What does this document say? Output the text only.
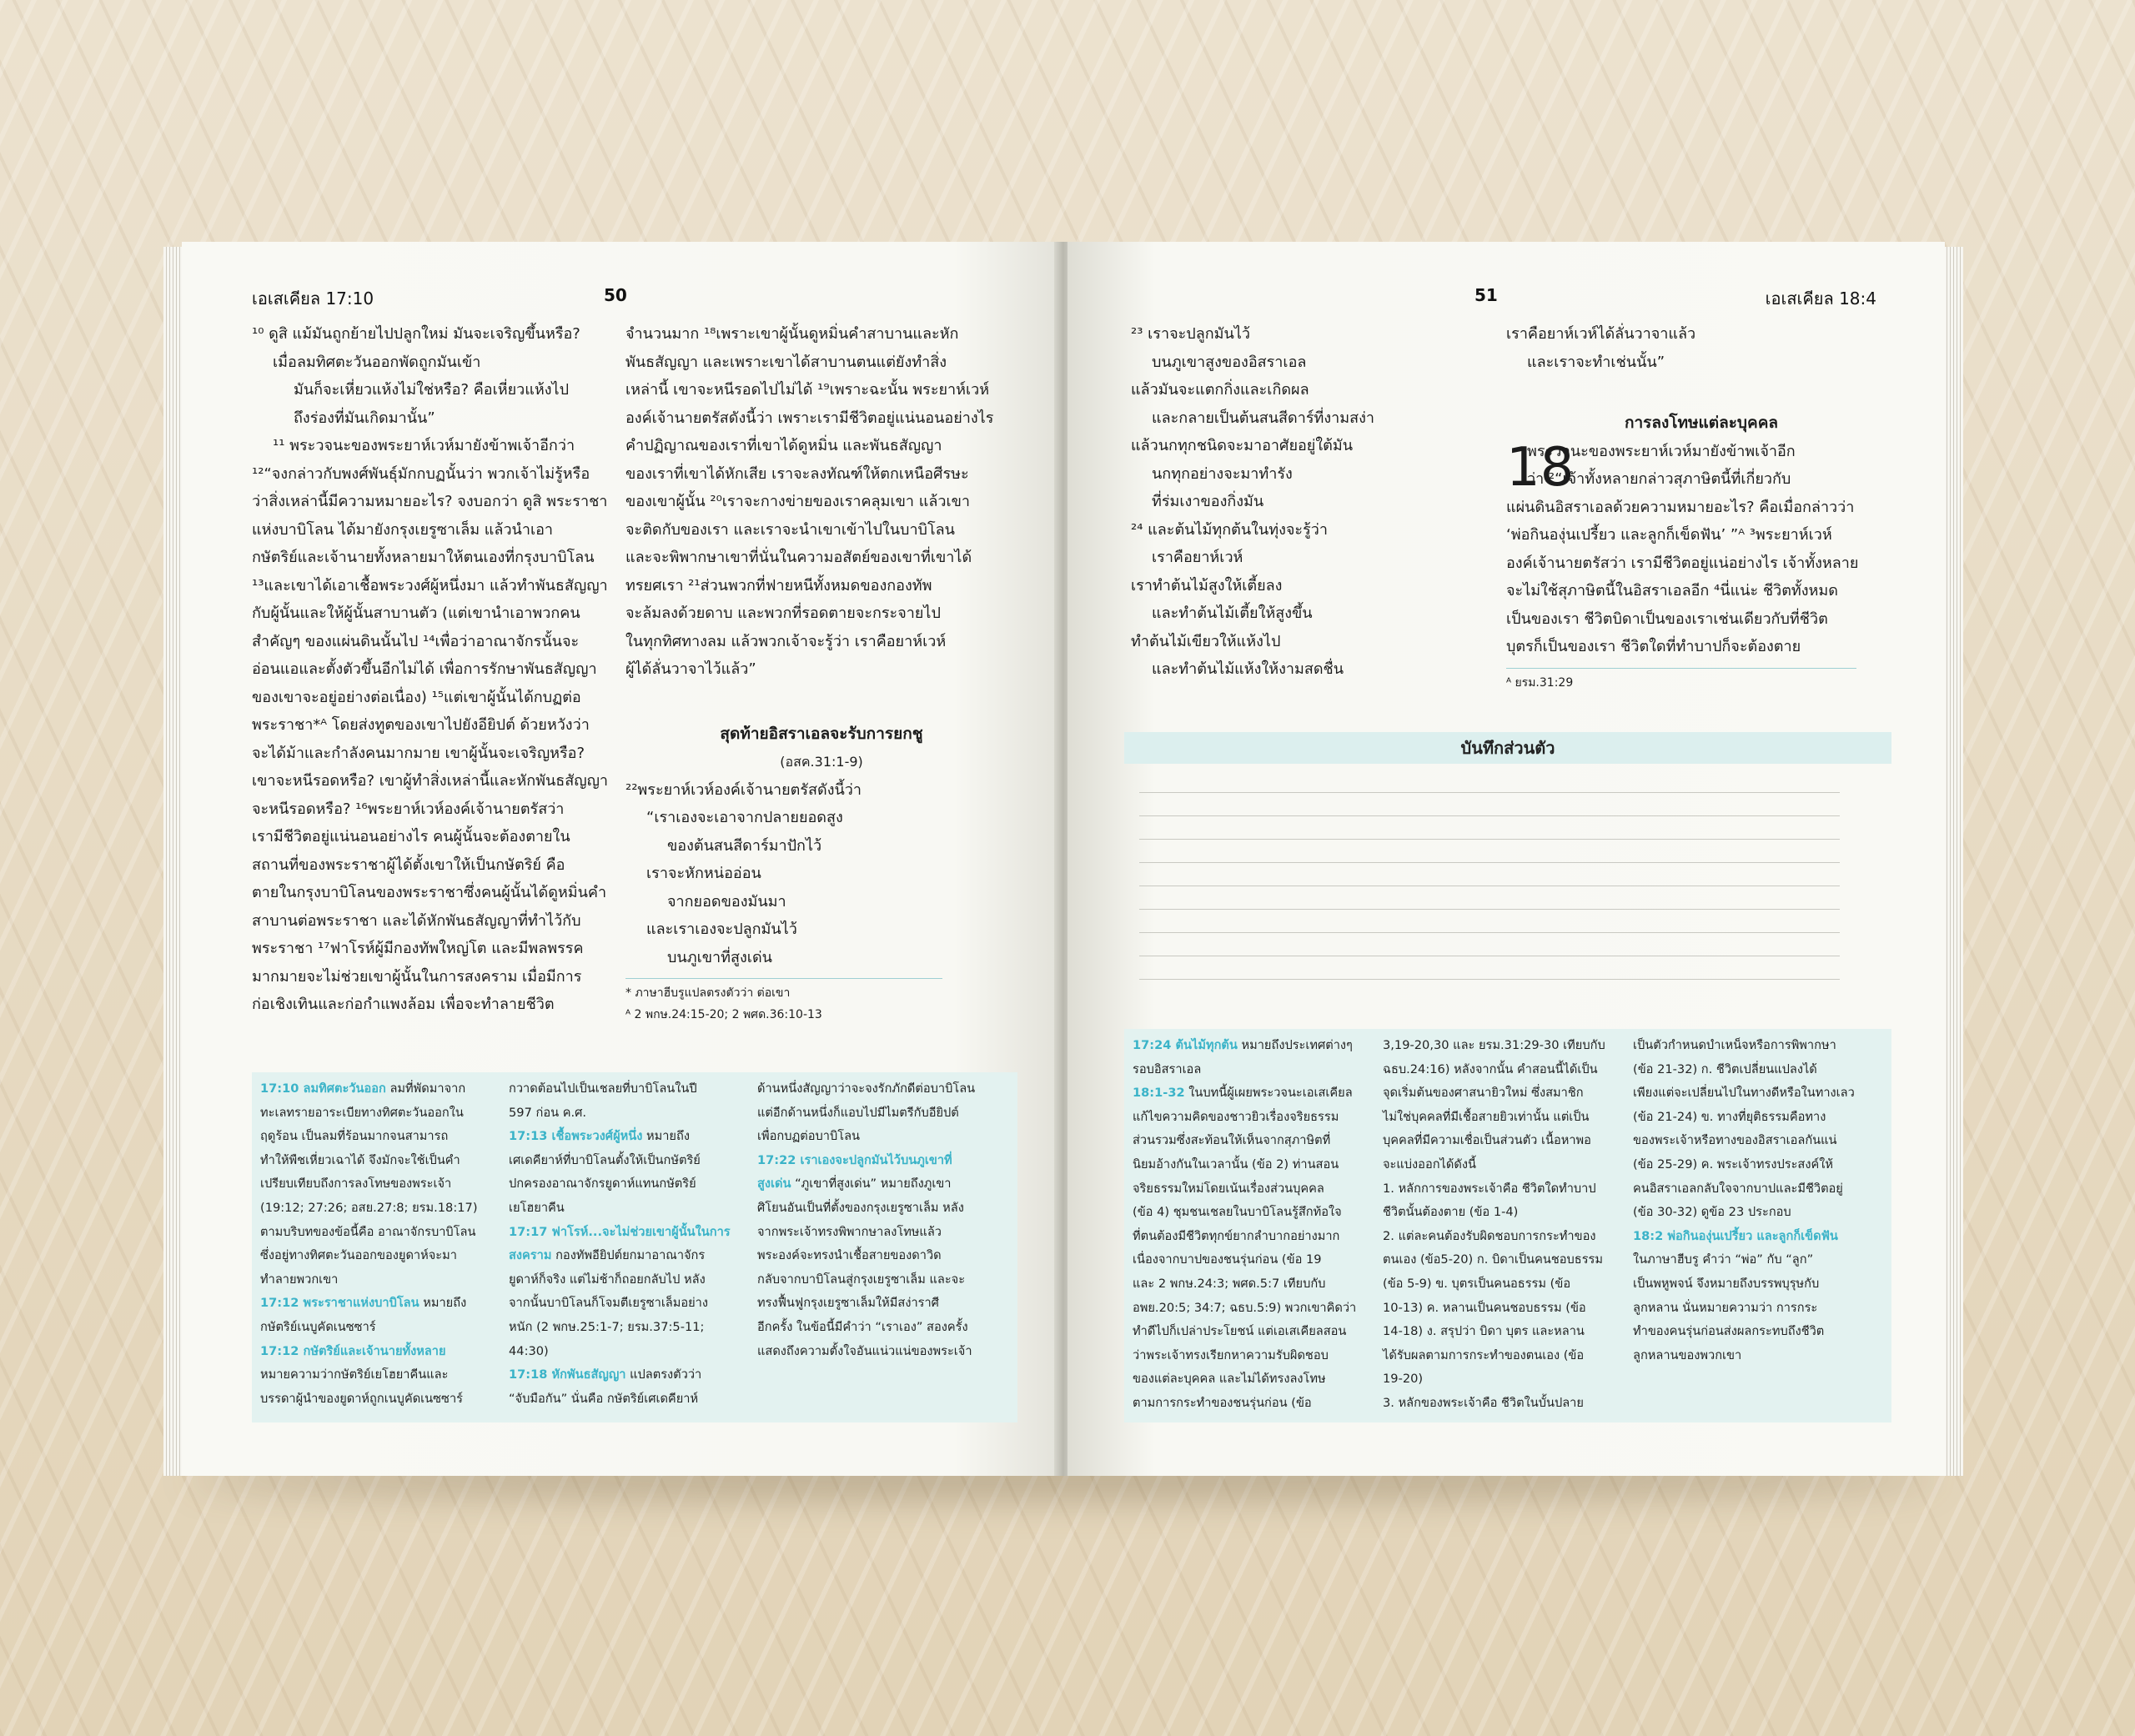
เอเสเคียล 17:10	50

¹⁰ ดูสิ แม้มันถูกย้ายไปปลูกใหม่ มันจะเจริญขึ้นหรือ?

เมื่อลมทิศตะวันออกพัดถูกมันเข้า

มันก็จะเหี่ยวแห้งไม่ใช่หรือ? คือเหี่ยวแห้งไป

ถึงร่องที่มันเกิดมานั้น”

¹¹ พระวจนะของพระยาห์เวห์มายังข้าพเจ้าอีกว่า

¹²“จงกล่าวกับพงศ์พันธุ์มักกบฏนั้นว่า พวกเจ้าไม่รู้หรือ

ว่าสิ่งเหล่านี้มีความหมายอะไร? จงบอกว่า ดูสิ พระราชา

แห่งบาบิโลน ได้มายังกรุงเยรูซาเล็ม แล้วนำเอา

กษัตริย์และเจ้านายทั้งหลายมาให้ตนเองที่กรุงบาบิโลน

¹³และเขาได้เอาเชื้อพระวงศ์ผู้หนึ่งมา แล้วทำพันธสัญญา

กับผู้นั้นและให้ผู้นั้นสาบานตัว (แต่เขานำเอาพวกคน

สำคัญๆ ของแผ่นดินนั้นไป ¹⁴เพื่อว่าอาณาจักรนั้นจะ

อ่อนแอและตั้งตัวขึ้นอีกไม่ได้ เพื่อการรักษาพันธสัญญา

ของเขาจะอยู่อย่างต่อเนื่อง) ¹⁵แต่เขาผู้นั้นได้กบฏต่อ

พระราชา*ᴬ โดยส่งทูตของเขาไปยังอียิปต์ ด้วยหวังว่า

จะได้ม้าและกำลังคนมากมาย เขาผู้นั้นจะเจริญหรือ?

เขาจะหนีรอดหรือ? เขาผู้ทำสิ่งเหล่านี้และหักพันธสัญญา

จะหนีรอดหรือ? ¹⁶พระยาห์เวห์องค์เจ้านายตรัสว่า

เรามีชีวิตอยู่แน่นอนอย่างไร คนผู้นั้นจะต้องตายใน

สถานที่ของพระราชาผู้ได้ตั้งเขาให้เป็นกษัตริย์ คือ

ตายในกรุงบาบิโลนของพระราชาซึ่งคนผู้นั้นได้ดูหมิ่นคำ

สาบานต่อพระราชา และได้หักพันธสัญญาที่ทำไว้กับ

พระราชา ¹⁷ฟาโรห์ผู้มีกองทัพใหญ่โต และมีพลพรรค

มากมายจะไม่ช่วยเขาผู้นั้นในการสงคราม เมื่อมีการ

ก่อเชิงเทินและก่อกำแพงล้อม เพื่อจะทำลายชีวิต

จำนวนมาก ¹⁸เพราะเขาผู้นั้นดูหมิ่นคำสาบานและหัก

พันธสัญญา และเพราะเขาได้สาบานตนแต่ยังทำสิ่ง

เหล่านี้ เขาจะหนีรอดไปไม่ได้ ¹⁹เพราะฉะนั้น พระยาห์เวห์

องค์เจ้านายตรัสดังนี้ว่า เพราะเรามีชีวิตอยู่แน่นอนอย่างไร

คำปฏิญาณของเราที่เขาได้ดูหมิ่น และพันธสัญญา

ของเราที่เขาได้หักเสีย เราจะลงทัณฑ์ให้ตกเหนือศีรษะ

ของเขาผู้นั้น ²⁰เราจะกางข่ายของเราคลุมเขา แล้วเขา

จะติดกับของเรา และเราจะนำเขาเข้าไปในบาบิโลน

และจะพิพากษาเขาที่นั่นในความอสัตย์ของเขาที่เขาได้

ทรยศเรา ²¹ส่วนพวกที่ฟายหนีทั้งหมดของกองทัพ

จะล้มลงด้วยดาบ และพวกที่รอดตายจะกระจายไป

ในทุกทิศทางลม แล้วพวกเจ้าจะรู้ว่า เราคือยาห์เวห์

ผู้ได้ลั่นวาจาไว้แล้ว”

สุดท้ายอิสราเอลจะรับการยกชู

(อสค.31:1-9)

²²พระยาห์เวห์องค์เจ้านายตรัสดังนี้ว่า

“เราเองจะเอาจากปลายยอดสูง

ของต้นสนสีดาร์มาปักไว้

เราจะหักหน่ออ่อน

จากยอดของมันมา

และเราเองจะปลูกมันไว้

บนภูเขาที่สูงเด่น

* ภาษาฮีบรูแปลตรงตัวว่า ต่อเขา

ᴬ 2 พกษ.24:15-20; 2 พศด.36:10-13

17:10 ลมทิศตะวันออก ลมที่พัดมาจาก

ทะเลทรายอาระเบียทางทิศตะวันออกใน

ฤดูร้อน เป็นลมที่ร้อนมากจนสามารถ

ทำให้พืชเหี่ยวเฉาได้ จึงมักจะใช้เป็นคำ

เปรียบเทียบถึงการลงโทษของพระเจ้า

(19:12; 27:26; อสย.27:8; ยรม.18:17)

ตามบริบทของข้อนี้คือ อาณาจักรบาบิโลน

ซึ่งอยู่ทางทิศตะวันออกของยูดาห์จะมา

ทำลายพวกเขา

17:12 พระราชาแห่งบาบิโลน หมายถึง

กษัตริย์เนบูคัดเนซซาร์

17:12 กษัตริย์และเจ้านายทั้งหลาย

หมายความว่ากษัตริย์เยโฮยาคีนและ

บรรดาผู้นำของยูดาห์ถูกเนบูคัดเนซซาร์

กวาดต้อนไปเป็นเชลยที่บาบิโลนในปี

597 ก่อน ค.ศ.

17:13 เชื้อพระวงศ์ผู้หนึ่ง หมายถึง

เศเดคียาห์ที่บาบิโลนตั้งให้เป็นกษัตริย์

ปกครองอาณาจักรยูดาห์แทนกษัตริย์

เยโฮยาคีน

17:17 ฟาโรห์...จะไม่ช่วยเขาผู้นั้นในการ

สงคราม กองทัพอียิปต์ยกมาอาณาจักร

ยูดาห์ก็จริง แต่ไม่ช้าก็ถอยกลับไป หลัง

จากนั้นบาบิโลนก็โจมตีเยรูซาเล็มอย่าง

หนัก (2 พกษ.25:1-7; ยรม.37:5-11;

44:30)

17:18 หักพันธสัญญา แปลตรงตัวว่า

“จับมือกัน” นั่นคือ กษัตริย์เศเดคียาห์

ด้านหนึ่งสัญญาว่าจะจงรักภักดีต่อบาบิโลน

แต่อีกด้านหนึ่งก็แอบไปมีไมตรีกับอียิปต์

เพื่อกบฏต่อบาบิโลน

17:22 เราเองจะปลูกมันไว้บนภูเขาที่

สูงเด่น “ภูเขาที่สูงเด่น” หมายถึงภูเขา

ศิโยนอันเป็นที่ตั้งของกรุงเยรูซาเล็ม หลัง

จากพระเจ้าทรงพิพากษาลงโทษแล้ว

พระองค์จะทรงนำเชื้อสายของดาวิด

กลับจากบาบิโลนสู่กรุงเยรูซาเล็ม และจะ

ทรงฟื้นฟูกรุงเยรูซาเล็มให้มีสง่าราศี

อีกครั้ง ในข้อนี้มีคำว่า “เราเอง” สองครั้ง

แสดงถึงความตั้งใจอันแน่วแน่ของพระเจ้า

51	เอเสเคียล 18:4

²³ เราจะปลูกมันไว้

บนภูเขาสูงของอิสราเอล

แล้วมันจะแตกกิ่งและเกิดผล

และกลายเป็นต้นสนสีดาร์ที่งามสง่า

แล้วนกทุกชนิดจะมาอาศัยอยู่ใต้มัน

นกทุกอย่างจะมาทำรัง

ที่ร่มเงาของกิ่งมัน

²⁴ และต้นไม้ทุกต้นในทุ่งจะรู้ว่า

เราคือยาห์เวห์

เราทำต้นไม้สูงให้เตี้ยลง

และทำต้นไม้เตี้ยให้สูงขึ้น

ทำต้นไม้เขียวให้แห้งไป

และทำต้นไม้แห้งให้งามสดชื่น

เราคือยาห์เวห์ได้ลั่นวาจาแล้ว

และเราจะทำเช่นนั้น”

การลงโทษแต่ละบุคคล

18

พระวจนะของพระยาห์เวห์มายังข้าพเจ้าอีก

ว่า ²“เจ้าทั้งหลายกล่าวสุภาษิตนี้ที่เกี่ยวกับ

แผ่นดินอิสราเอลด้วยความหมายอะไร? คือเมื่อกล่าวว่า

‘พ่อกินองุ่นเปรี้ยว และลูกก็เข็ดฟัน’ ”ᴬ ³พระยาห์เวห์

องค์เจ้านายตรัสว่า เรามีชีวิตอยู่แน่อย่างไร เจ้าทั้งหลาย

จะไม่ใช้สุภาษิตนี้ในอิสราเอลอีก ⁴นี่แน่ะ ชีวิตทั้งหมด

เป็นของเรา ชีวิตบิดาเป็นของเราเช่นเดียวกับที่ชีวิต

บุตรก็เป็นของเรา ชีวิตใดที่ทำบาปก็จะต้องตาย

ᴬ ยรม.31:29

บันทึกส่วนตัว

17:24 ต้นไม้ทุกต้น หมายถึงประเทศต่างๆ

รอบอิสราเอล

18:1-32 ในบทนี้ผู้เผยพระวจนะเอเสเคียล

แก้ไขความคิดของชาวยิวเรื่องจริยธรรม

ส่วนรวมซึ่งสะท้อนให้เห็นจากสุภาษิตที่

นิยมอ้างกันในเวลานั้น (ข้อ 2) ท่านสอน

จริยธรรมใหม่โดยเน้นเรื่องส่วนบุคคล

(ข้อ 4) ชุมชนเชลยในบาบิโลนรู้สึกท้อใจ

ที่ตนต้องมีชีวิตทุกข์ยากลำบากอย่างมาก

เนื่องจากบาปของชนรุ่นก่อน (ข้อ 19

และ 2 พกษ.24:3; พศด.5:7 เทียบกับ

อพย.20:5; 34:7; ฉธบ.5:9) พวกเขาคิดว่า

ทำดีไปก็เปล่าประโยชน์ แต่เอเสเคียลสอน

ว่าพระเจ้าทรงเรียกหาความรับผิดชอบ

ของแต่ละบุคคล และไม่ได้ทรงลงโทษ

ตามการกระทำของชนรุ่นก่อน (ข้อ

3,19-20,30 และ ยรม.31:29-30 เทียบกับ

ฉธบ.24:16) หลังจากนั้น คำสอนนี้ได้เป็น

จุดเริ่มต้นของศาสนายิวใหม่ ซึ่งสมาชิก

ไม่ใช่บุคคลที่มีเชื้อสายยิวเท่านั้น แต่เป็น

บุคคลที่มีความเชื่อเป็นส่วนตัว เนื้อหาพอ

จะแบ่งออกได้ดังนี้

1. หลักการของพระเจ้าคือ ชีวิตใดทำบาป

ชีวิตนั้นต้องตาย (ข้อ 1-4)

2. แต่ละคนต้องรับผิดชอบการกระทำของ

ตนเอง (ข้อ5-20) ก. บิดาเป็นคนชอบธรรม

(ข้อ 5-9) ข. บุตรเป็นคนอธรรม (ข้อ

10-13) ค. หลานเป็นคนชอบธรรม (ข้อ

14-18) ง. สรุปว่า บิดา บุตร และหลาน

ได้รับผลตามการกระทำของตนเอง (ข้อ

19-20)

3. หลักของพระเจ้าคือ ชีวิตในบั้นปลาย

เป็นตัวกำหนดบำเหน็จหรือการพิพากษา

(ข้อ 21-32) ก. ชีวิตเปลี่ยนแปลงได้

เพียงแต่จะเปลี่ยนไปในทางดีหรือในทางเลว

(ข้อ 21-24) ข. ทางที่ยุติธรรมคือทาง

ของพระเจ้าหรือทางของอิสราเอลกันแน่

(ข้อ 25-29) ค. พระเจ้าทรงประสงค์ให้

คนอิสราเอลกลับใจจากบาปและมีชีวิตอยู่

(ข้อ 30-32) ดูข้อ 23 ประกอบ

18:2 พ่อกินองุ่นเปรี้ยว และลูกก็เข็ดฟัน

ในภาษาฮีบรู คำว่า “พ่อ” กับ “ลูก”

เป็นพหูพจน์ จึงหมายถึงบรรพบุรุษกับ

ลูกหลาน นั่นหมายความว่า การกระ

ทำของคนรุ่นก่อนส่งผลกระทบถึงชีวิต

ลูกหลานของพวกเขา
